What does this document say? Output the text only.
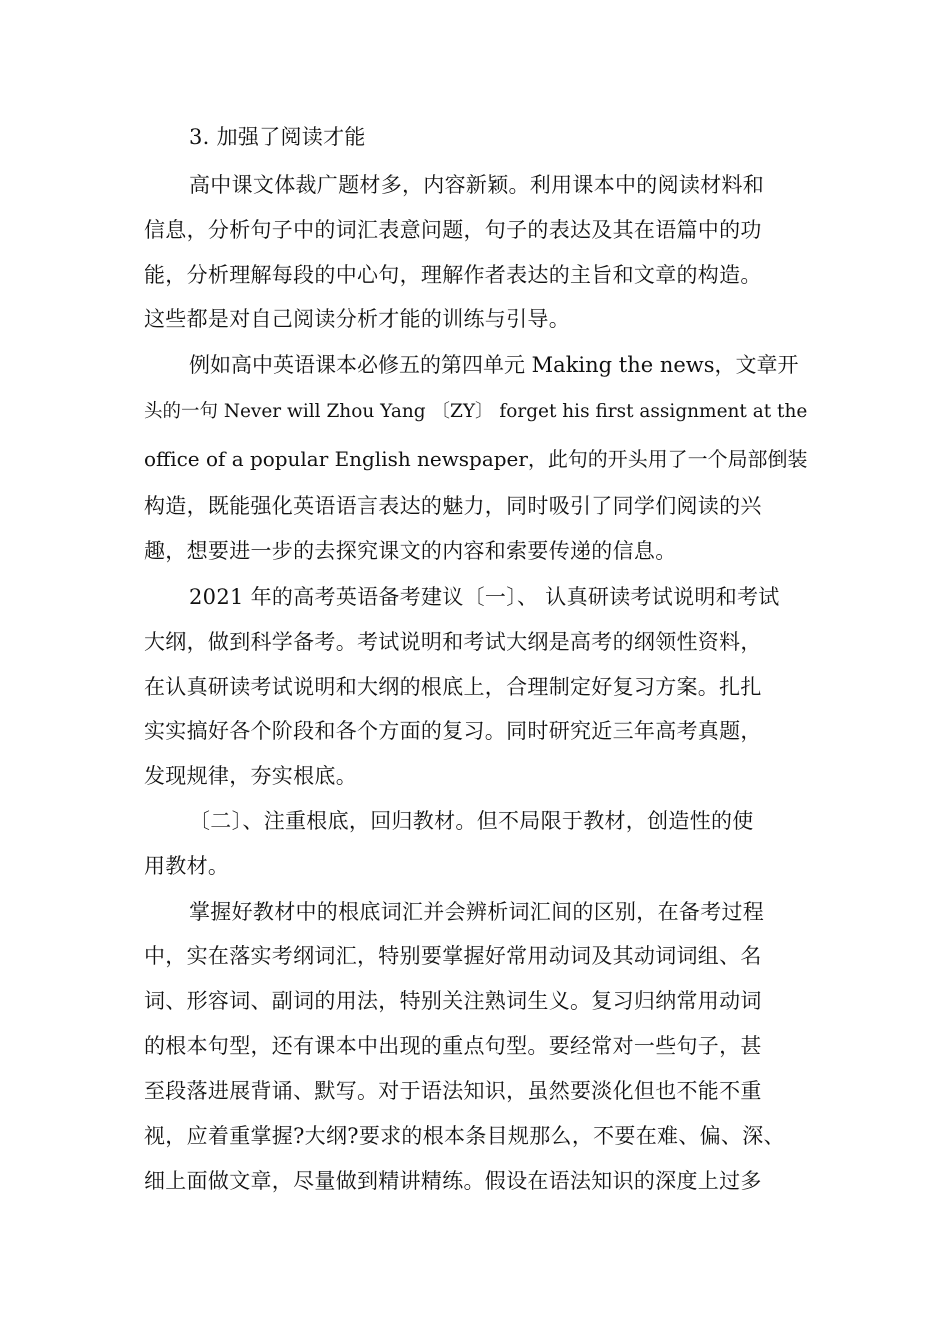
3. 加强了阅读才能
高中课文体裁广题材多，内容新颖。利用课本中的阅读材料和
信息，分析句子中的词汇表意问题，句子的表达及其在语篇中的功
能，分析理解每段的中心句，理解作者表达的主旨和文章的构造。
这些都是对自己阅读分析才能的训练与引导。
例如高中英语课本必修五的第四单元 Making the news，文章开
头的一句 Never will Zhou Yang 〔ZY〕 forget his first assignment at the
office of a popular English newspaper，此句的开头用了一个局部倒装
构造，既能强化英语语言表达的魅力，同时吸引了同学们阅读的兴
趣，想要进一步的去探究课文的内容和索要传递的信息。
2021 年的高考英语备考建议〔一〕、 认真研读考试说明和考试
大纲，做到科学备考。考试说明和考试大纲是高考的纲领性资料，
在认真研读考试说明和大纲的根底上，合理制定好复习方案。扎扎
实实搞好各个阶段和各个方面的复习。同时研究近三年高考真题，
发现规律，夯实根底。
〔二〕、注重根底，回归教材。但不局限于教材，创造性的使
用教材。
掌握好教材中的根底词汇并会辨析词汇间的区别，在备考过程
中，实在落实考纲词汇，特别要掌握好常用动词及其动词词组、名
词、形容词、副词的用法，特别关注熟词生义。复习归纳常用动词
的根本句型，还有课本中出现的重点句型。要经常对一些句子，甚
至段落进展背诵、默写。对于语法知识，虽然要淡化但也不能不重
视，应着重掌握?大纲?要求的根本条目规那么，不要在难、偏、深、
细上面做文章，尽量做到精讲精练。假设在语法知识的深度上过多
